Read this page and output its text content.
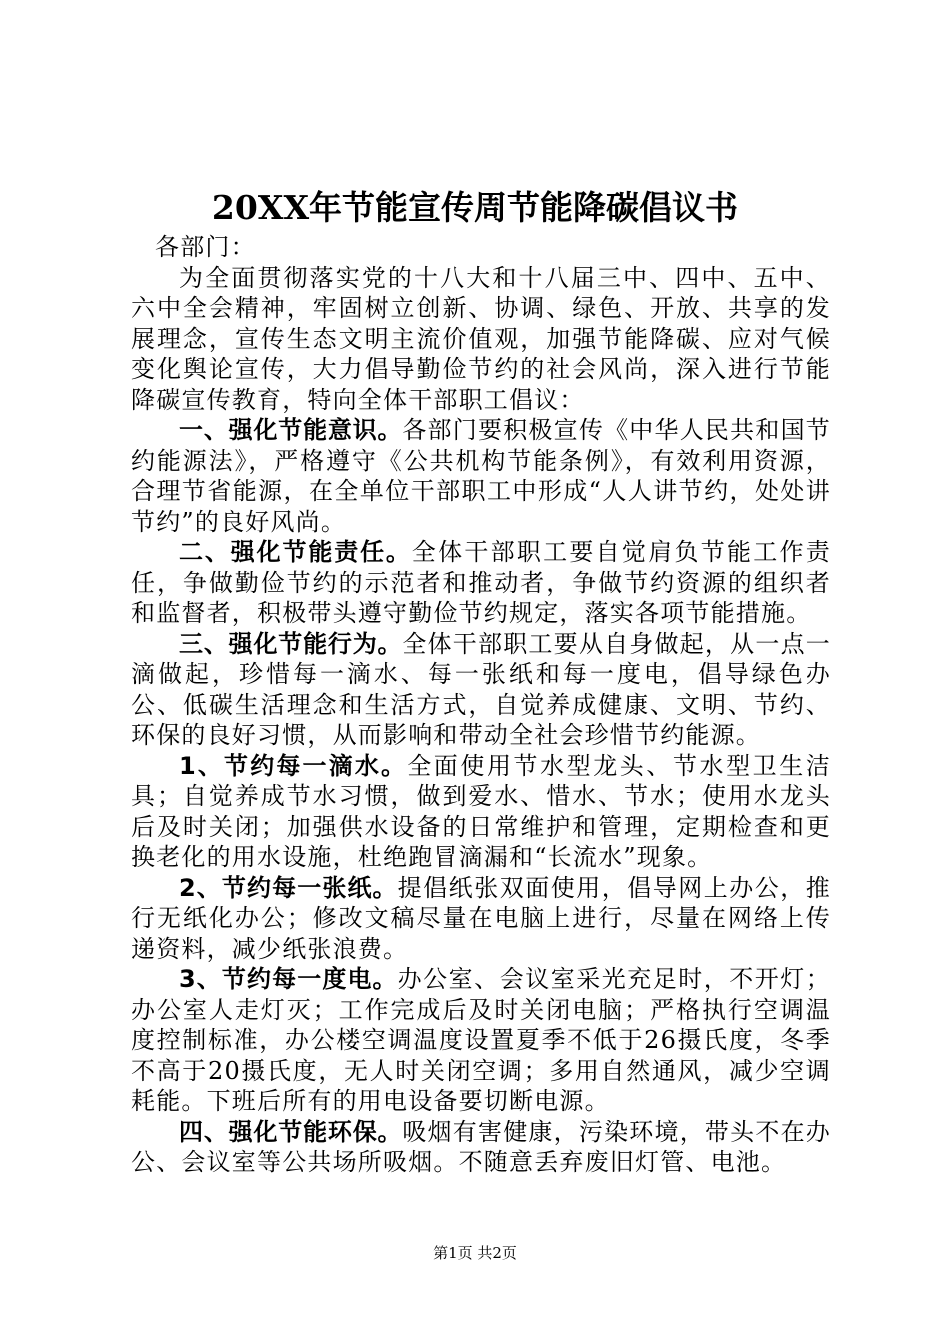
20XX年节能宣传周节能降碳倡议书

各部门：

为全面贯彻落实党的十八大和十八届三中、四中、五中、六中全会精神，牢固树立创新、协调、绿色、开放、共享的发展理念，宣传生态文明主流价值观，加强节能降碳、应对气候变化舆论宣传，大力倡导勤俭节约的社会风尚，深入进行节能降碳宣传教育，特向全体干部职工倡议：

一、强化节能意识。各部门要积极宣传《中华人民共和国节约能源法》，严格遵守《公共机构节能条例》，有效利用资源，合理节省能源，在全单位干部职工中形成“人人讲节约，处处讲节约”的良好风尚。

二、强化节能责任。全体干部职工要自觉肩负节能工作责任，争做勤俭节约的示范者和推动者，争做节约资源的组织者和监督者，积极带头遵守勤俭节约规定，落实各项节能措施。

三、强化节能行为。全体干部职工要从自身做起，从一点一滴做起，珍惜每一滴水、每一张纸和每一度电，倡导绿色办公、低碳生活理念和生活方式，自觉养成健康、文明、节约、环保的良好习惯，从而影响和带动全社会珍惜节约能源。

1、节约每一滴水。全面使用节水型龙头、节水型卫生洁具；自觉养成节水习惯，做到爱水、惜水、节水；使用水龙头后及时关闭；加强供水设备的日常维护和管理，定期检查和更换老化的用水设施，杜绝跑冒滴漏和“长流水”现象。

2、节约每一张纸。提倡纸张双面使用，倡导网上办公，推行无纸化办公；修改文稿尽量在电脑上进行，尽量在网络上传递资料，减少纸张浪费。

3、节约每一度电。办公室、会议室采光充足时，不开灯；办公室人走灯灭；工作完成后及时关闭电脑；严格执行空调温度控制标准，办公楼空调温度设置夏季不低于26摄氏度，冬季不高于20摄氏度，无人时关闭空调；多用自然通风，减少空调耗能。下班后所有的用电设备要切断电源。

四、强化节能环保。吸烟有害健康，污染环境，带头不在办公、会议室等公共场所吸烟。不随意丢弃废旧灯管、电池。

第1页 共2页
